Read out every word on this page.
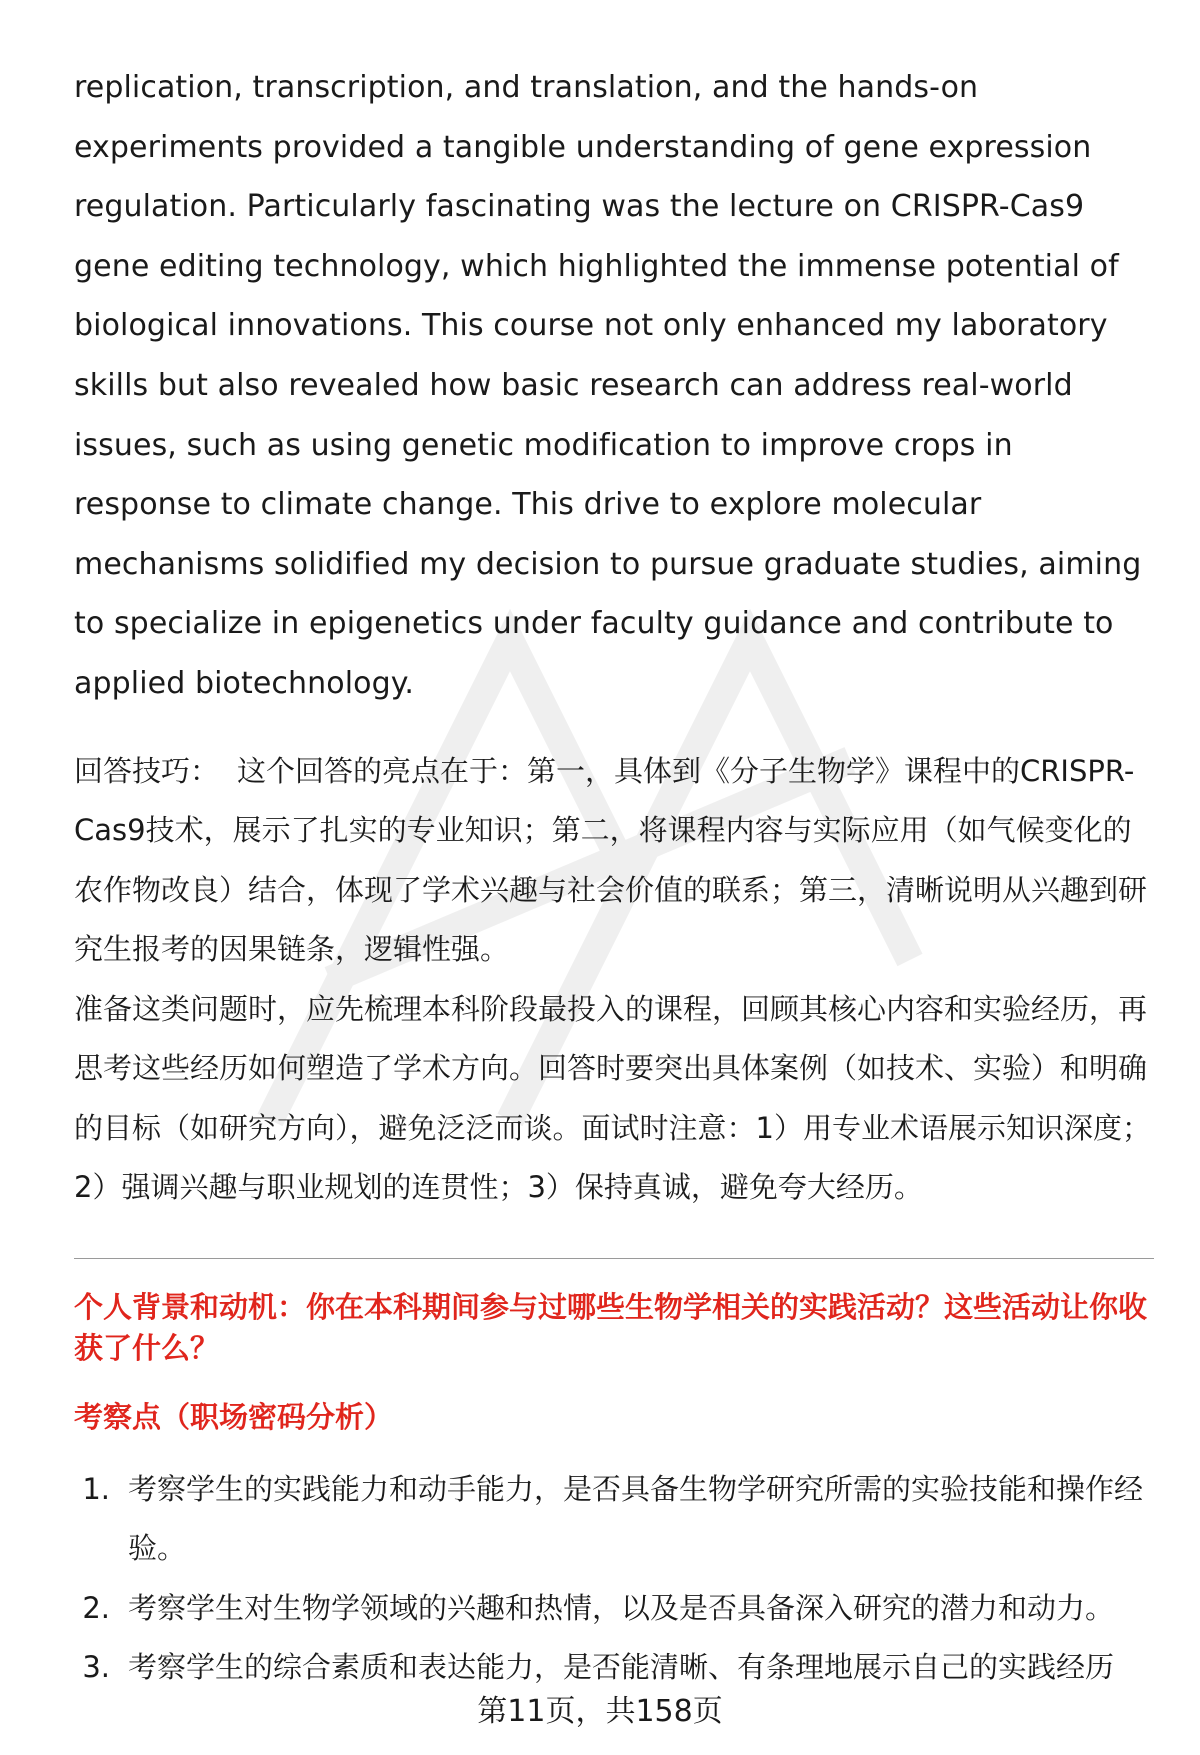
replication, transcription, and translation, and the hands-on experiments provided a tangible understanding of gene expression regulation. Particularly fascinating was the lecture on CRISPR-Cas9 gene editing technology, which highlighted the immense potential of biological innovations. This course not only enhanced my laboratory skills but also revealed how basic research can address real-world issues, such as using genetic modification to improve crops in response to climate change. This drive to explore molecular mechanisms solidified my decision to pursue graduate studies, aiming to specialize in epigenetics under faculty guidance and contribute to applied biotechnology.

回答技巧： 这个回答的亮点在于：第一，具体到《分子生物学》课程中的CRISPR-Cas9技术，展示了扎实的专业知识；第二，将课程内容与实际应用（如气候变化的农作物改良）结合，体现了学术兴趣与社会价值的联系；第三，清晰说明从兴趣到研究生报考的因果链条，逻辑性强。

准备这类问题时，应先梳理本科阶段最投入的课程，回顾其核心内容和实验经历，再思考这些经历如何塑造了学术方向。回答时要突出具体案例（如技术、实验）和明确的目标（如研究方向），避免泛泛而谈。面试时注意：1）用专业术语展示知识深度；2）强调兴趣与职业规划的连贯性；3）保持真诚，避免夸大经历。

个人背景和动机：你在本科期间参与过哪些生物学相关的实践活动？这些活动让你收获了什么？

考察点（职场密码分析）

1. 考察学生的实践能力和动手能力，是否具备生物学研究所需的实验技能和操作经验。
2. 考察学生对生物学领域的兴趣和热情，以及是否具备深入研究的潜力和动力。
3. 考察学生的综合素质和表达能力，是否能清晰、有条理地展示自己的实践经历
第11页，共158页
